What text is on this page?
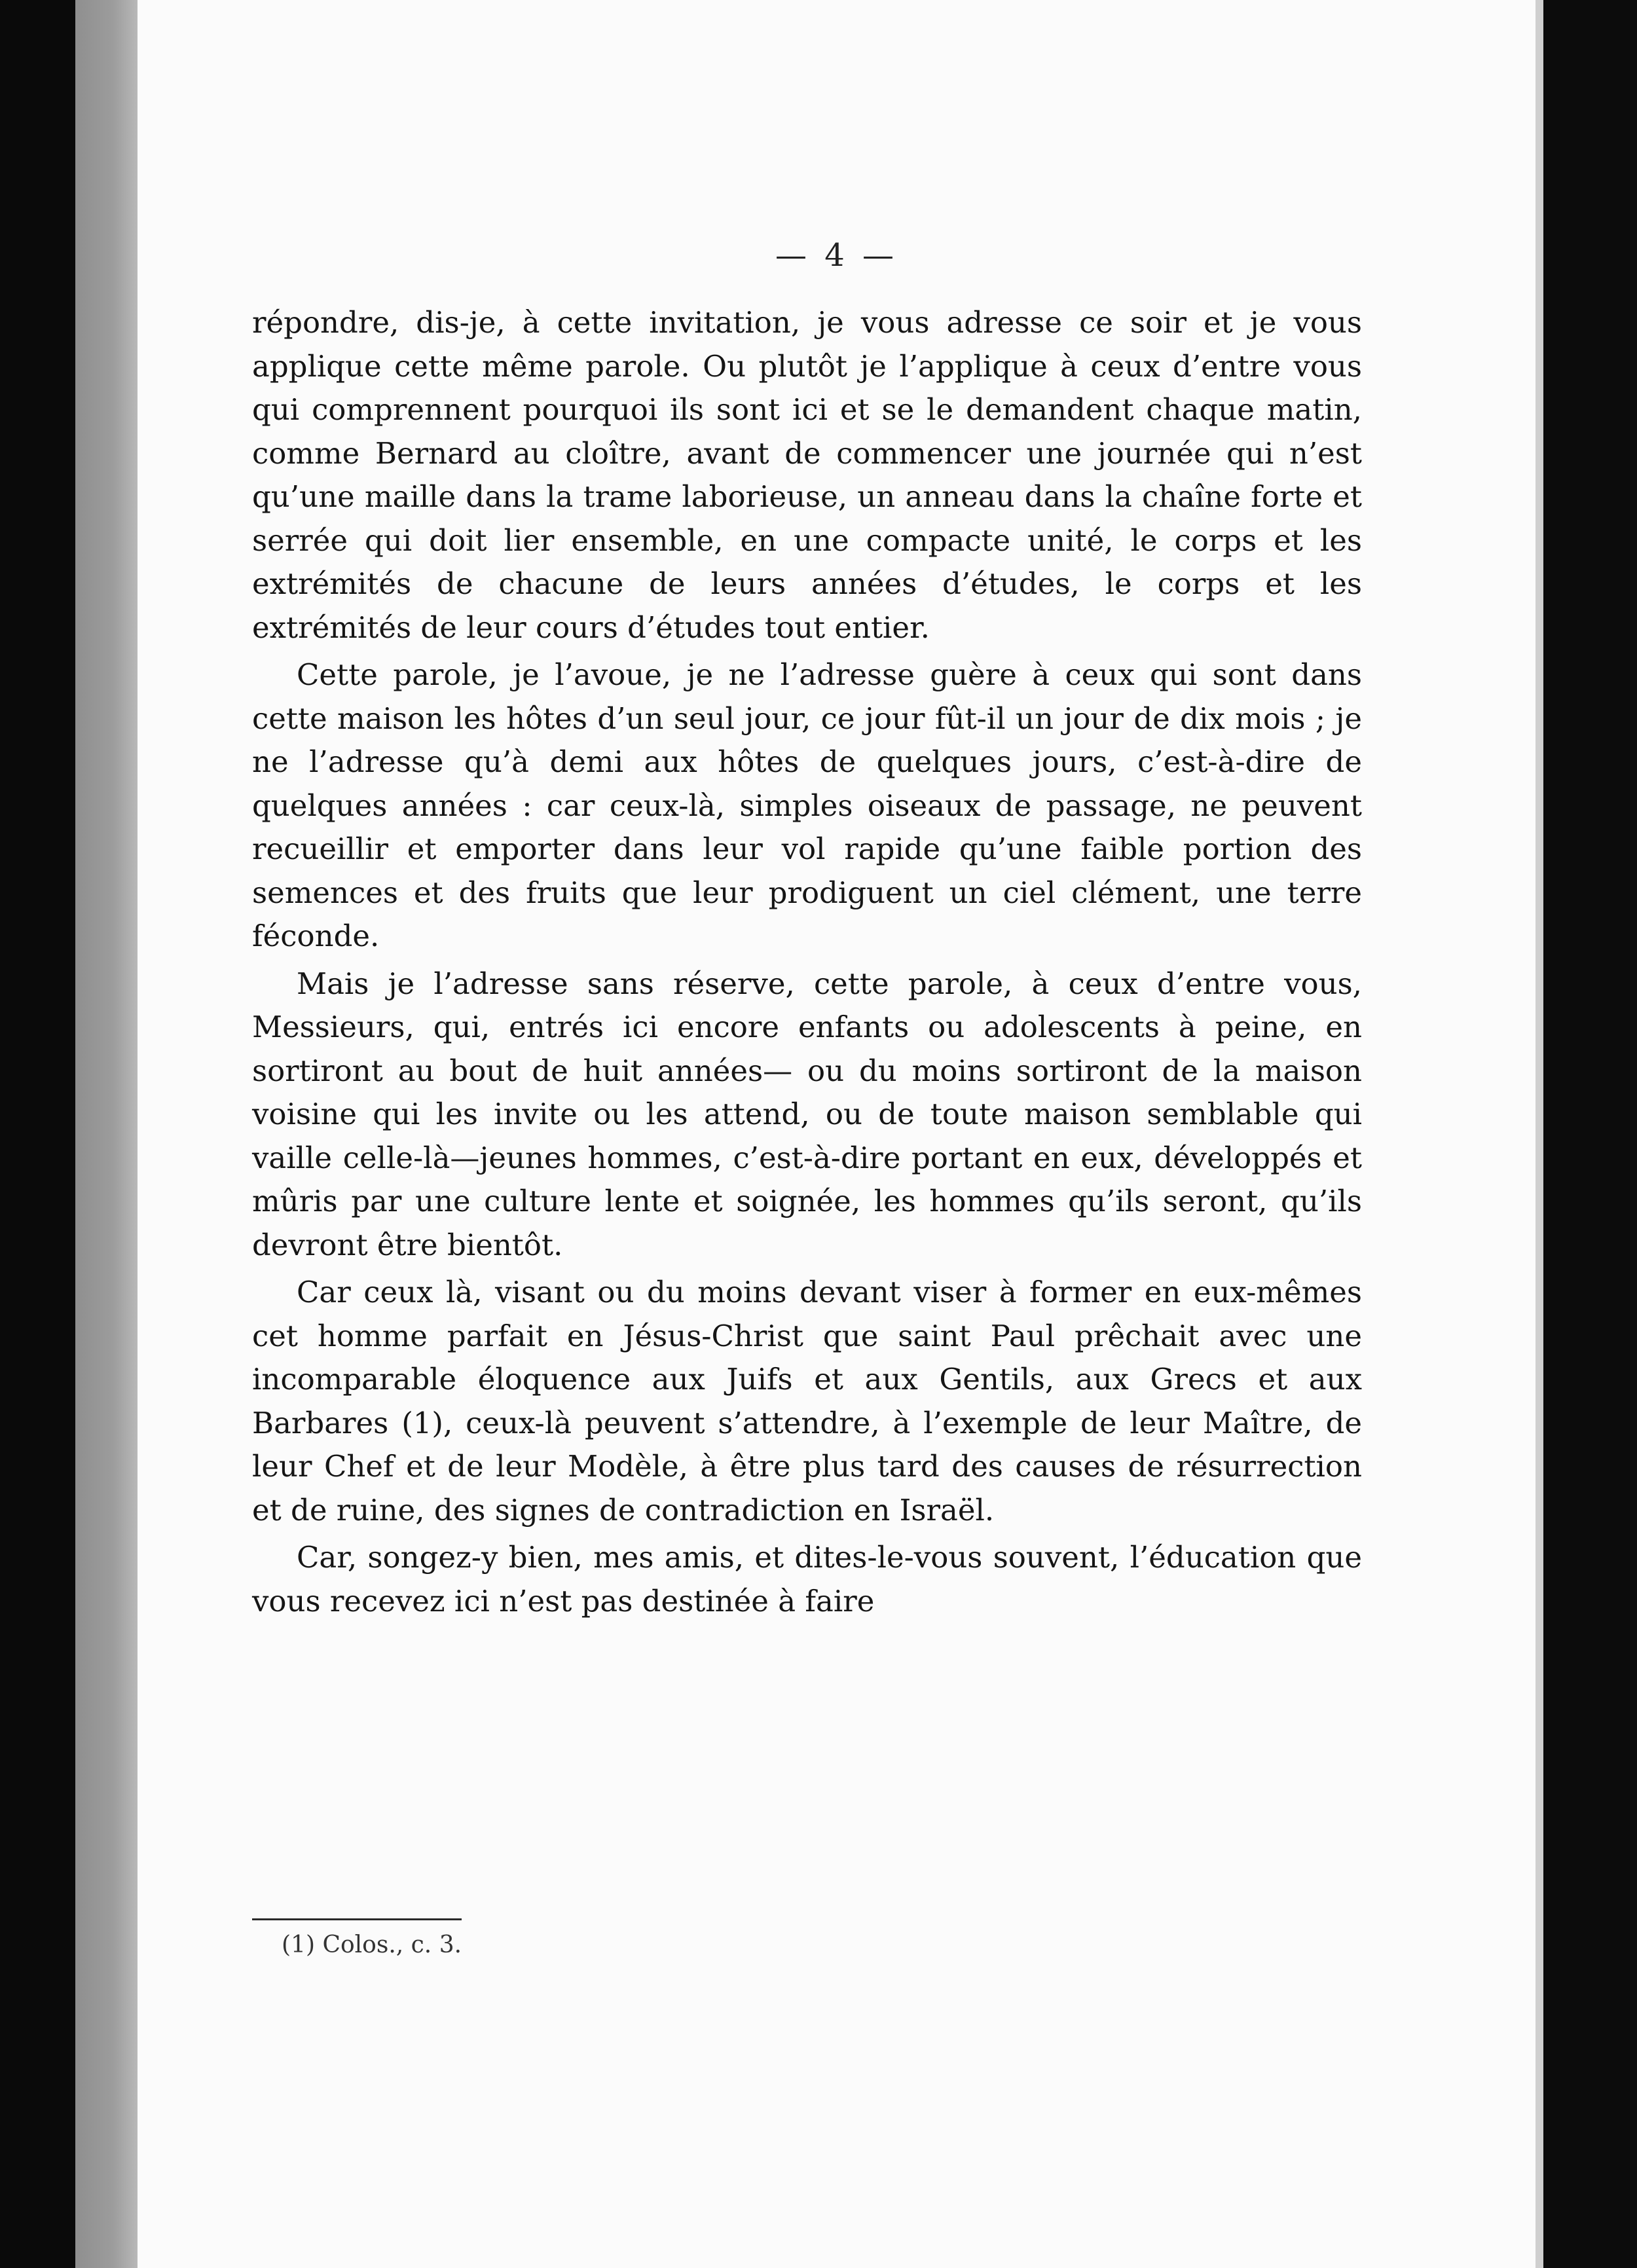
— 4 —

répondre, dis-je, à cette invitation, je vous adresse ce soir et je vous applique cette même parole. Ou plutôt je l’applique à ceux d’entre vous qui comprennent pourquoi ils sont ici et se le demandent chaque matin, comme Bernard au cloître, avant de commencer une journée qui n’est qu’une maille dans la trame laborieuse, un anneau dans la chaîne forte et serrée qui doit lier ensemble, en une compacte unité, le corps et les extrémités de chacune de leurs années d’études, le corps et les extrémités de leur cours d’études tout entier.

Cette parole, je l’avoue, je ne l’adresse guère à ceux qui sont dans cette maison les hôtes d’un seul jour, ce jour fût-il un jour de dix mois ; je ne l’adresse qu’à demi aux hôtes de quelques jours, c’est-à-dire de quelques années : car ceux-là, simples oiseaux de passage, ne peuvent recueillir et emporter dans leur vol rapide qu’une faible portion des semences et des fruits que leur prodiguent un ciel clément, une terre féconde.

Mais je l’adresse sans réserve, cette parole, à ceux d’entre vous, Messieurs, qui, entrés ici encore enfants ou adolescents à peine, en sortiront au bout de huit années— ou du moins sortiront de la maison voisine qui les invite ou les attend, ou de toute maison semblable qui vaille celle-là—jeunes hommes, c’est-à-dire portant en eux, développés et mûris par une culture lente et soignée, les hommes qu’ils seront, qu’ils devront être bientôt.

Car ceux là, visant ou du moins devant viser à former en eux-mêmes cet homme parfait en Jésus-Christ que saint Paul prêchait avec une incomparable éloquence aux Juifs et aux Gentils, aux Grecs et aux Barbares (1), ceux-là peuvent s’attendre, à l’exemple de leur Maître, de leur Chef et de leur Modèle, à être plus tard des causes de résurrection et de ruine, des signes de contradiction en Israël.

Car, songez-y bien, mes amis, et dites-le-vous souvent, l’éducation que vous recevez ici n’est pas destinée à faire

(1) Colos., c. 3.
